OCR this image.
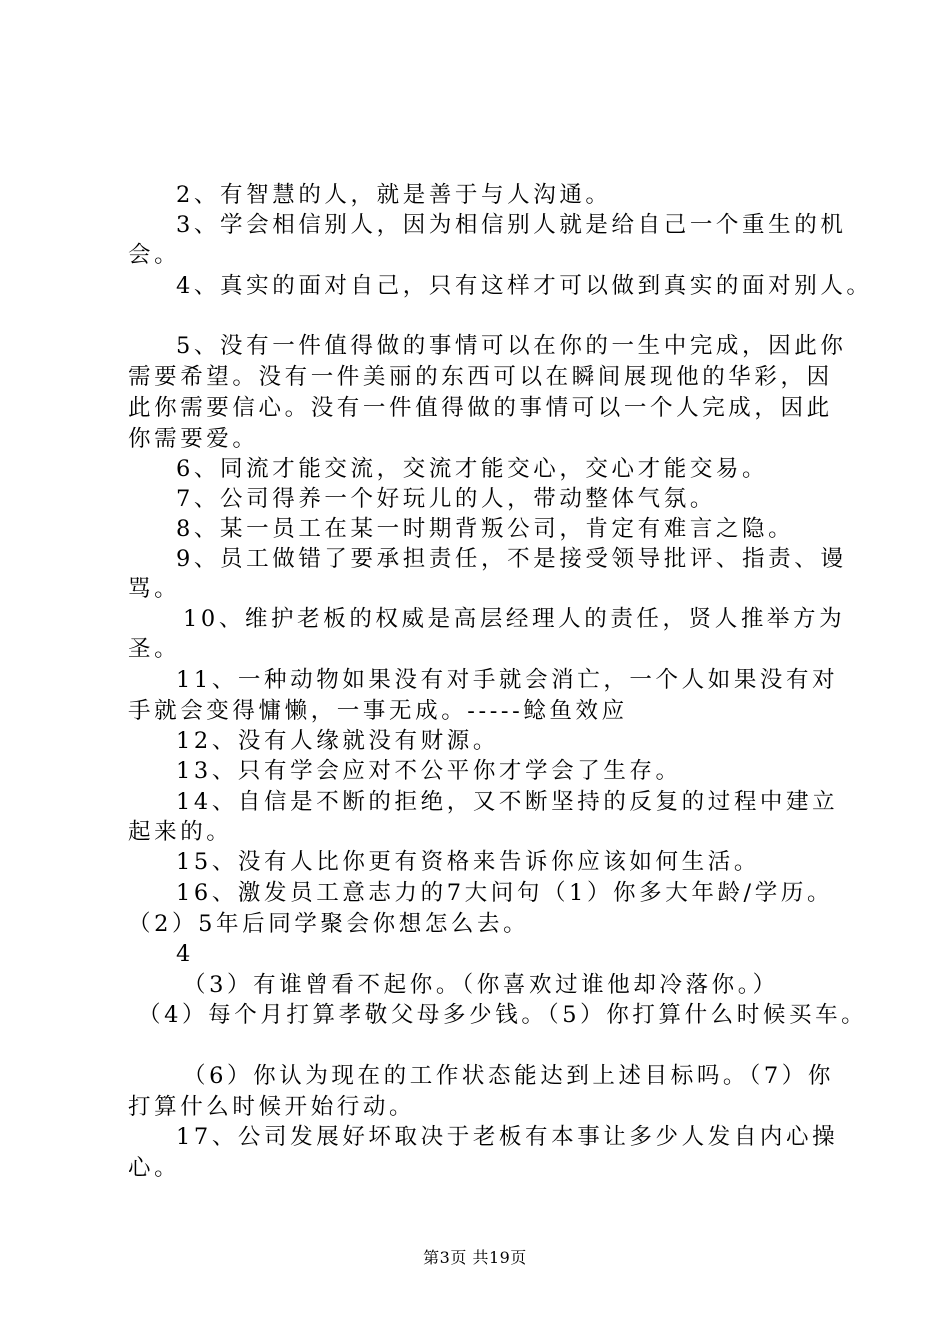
2、有智慧的人，就是善于与人沟通。
3、学会相信别人，因为相信别人就是给自己一个重生的机
会。
4、真实的面对自己，只有这样才可以做到真实的面对别人。
5、没有一件值得做的事情可以在你的一生中完成，因此你
需要希望。没有一件美丽的东西可以在瞬间展现他的华彩，因
此你需要信心。没有一件值得做的事情可以一个人完成，因此
你需要爱。
6、同流才能交流，交流才能交心，交心才能交易。
7、公司得养一个好玩儿的人，带动整体气氛。
8、某一员工在某一时期背叛公司，肯定有难言之隐。
9、员工做错了要承担责任，不是接受领导批评、指责、谩
骂。
10、维护老板的权威是高层经理人的责任，贤人推举方为
圣。
11、一种动物如果没有对手就会消亡，一个人如果没有对
手就会变得慵懒，一事无成。-----鲶鱼效应
12、没有人缘就没有财源。
13、只有学会应对不公平你才学会了生存。
14、自信是不断的拒绝，又不断坚持的反复的过程中建立
起来的。
15、没有人比你更有资格来告诉你应该如何生活。
16、激发员工意志力的7大问句（1）你多大年龄/学历。
（2）5年后同学聚会你想怎么去。
4
（3）有谁曾看不起你。（你喜欢过谁他却冷落你。）
（4）每个月打算孝敬父母多少钱。（5）你打算什么时候买车。
（6）你认为现在的工作状态能达到上述目标吗。（7）你
打算什么时候开始行动。
17、公司发展好坏取决于老板有本事让多少人发自内心操
心。
第3页 共19页
